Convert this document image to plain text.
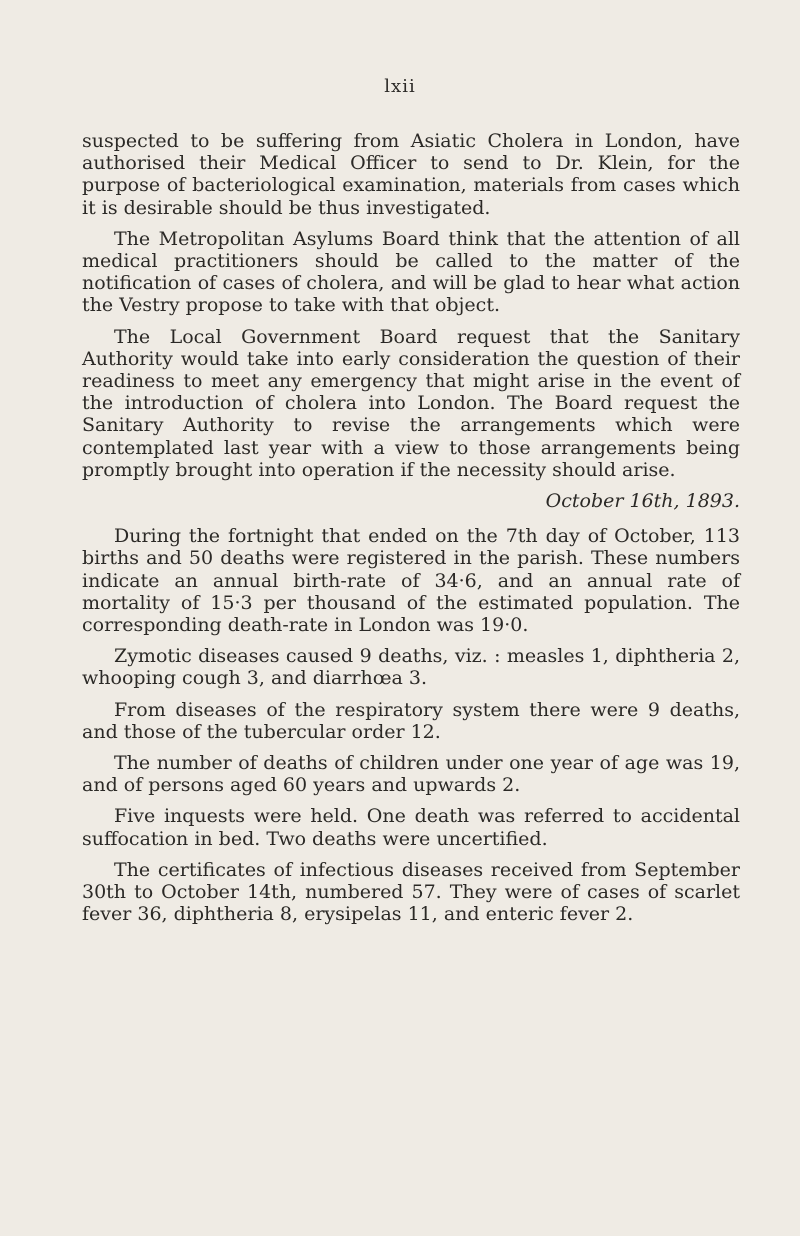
lxii

suspected to be suffering from Asiatic Cholera in London, have authorised their Medical Officer to send to Dr. Klein, for the purpose of bacteriological examination, materials from cases which it is desirable should be thus investigated.

The Metropolitan Asylums Board think that the attention of all medical practitioners should be called to the matter of the notification of cases of cholera, and will be glad to hear what action the Vestry propose to take with that object.

The Local Government Board request that the Sanitary Authority would take into early consideration the question of their readiness to meet any emergency that might arise in the event of the introduction of cholera into London. The Board request the Sanitary Authority to revise the arrangements which were contemplated last year with a view to those arrangements being promptly brought into operation if the necessity should arise.

October 16th, 1893.

During the fortnight that ended on the 7th day of October, 113 births and 50 deaths were registered in the parish. These numbers indicate an annual birth-rate of 34·6, and an annual rate of mortality of 15·3 per thousand of the estimated population. The corresponding death-rate in London was 19·0.

Zymotic diseases caused 9 deaths, viz. : measles 1, diphtheria 2, whooping cough 3, and diarrhœa 3.

From diseases of the respiratory system there were 9 deaths, and those of the tubercular order 12.

The number of deaths of children under one year of age was 19, and of persons aged 60 years and upwards 2.

Five inquests were held. One death was referred to accidental suffocation in bed. Two deaths were uncertified.

The certificates of infectious diseases received from September 30th to October 14th, numbered 57. They were of cases of scarlet fever 36, diphtheria 8, erysipelas 11, and enteric fever 2.
